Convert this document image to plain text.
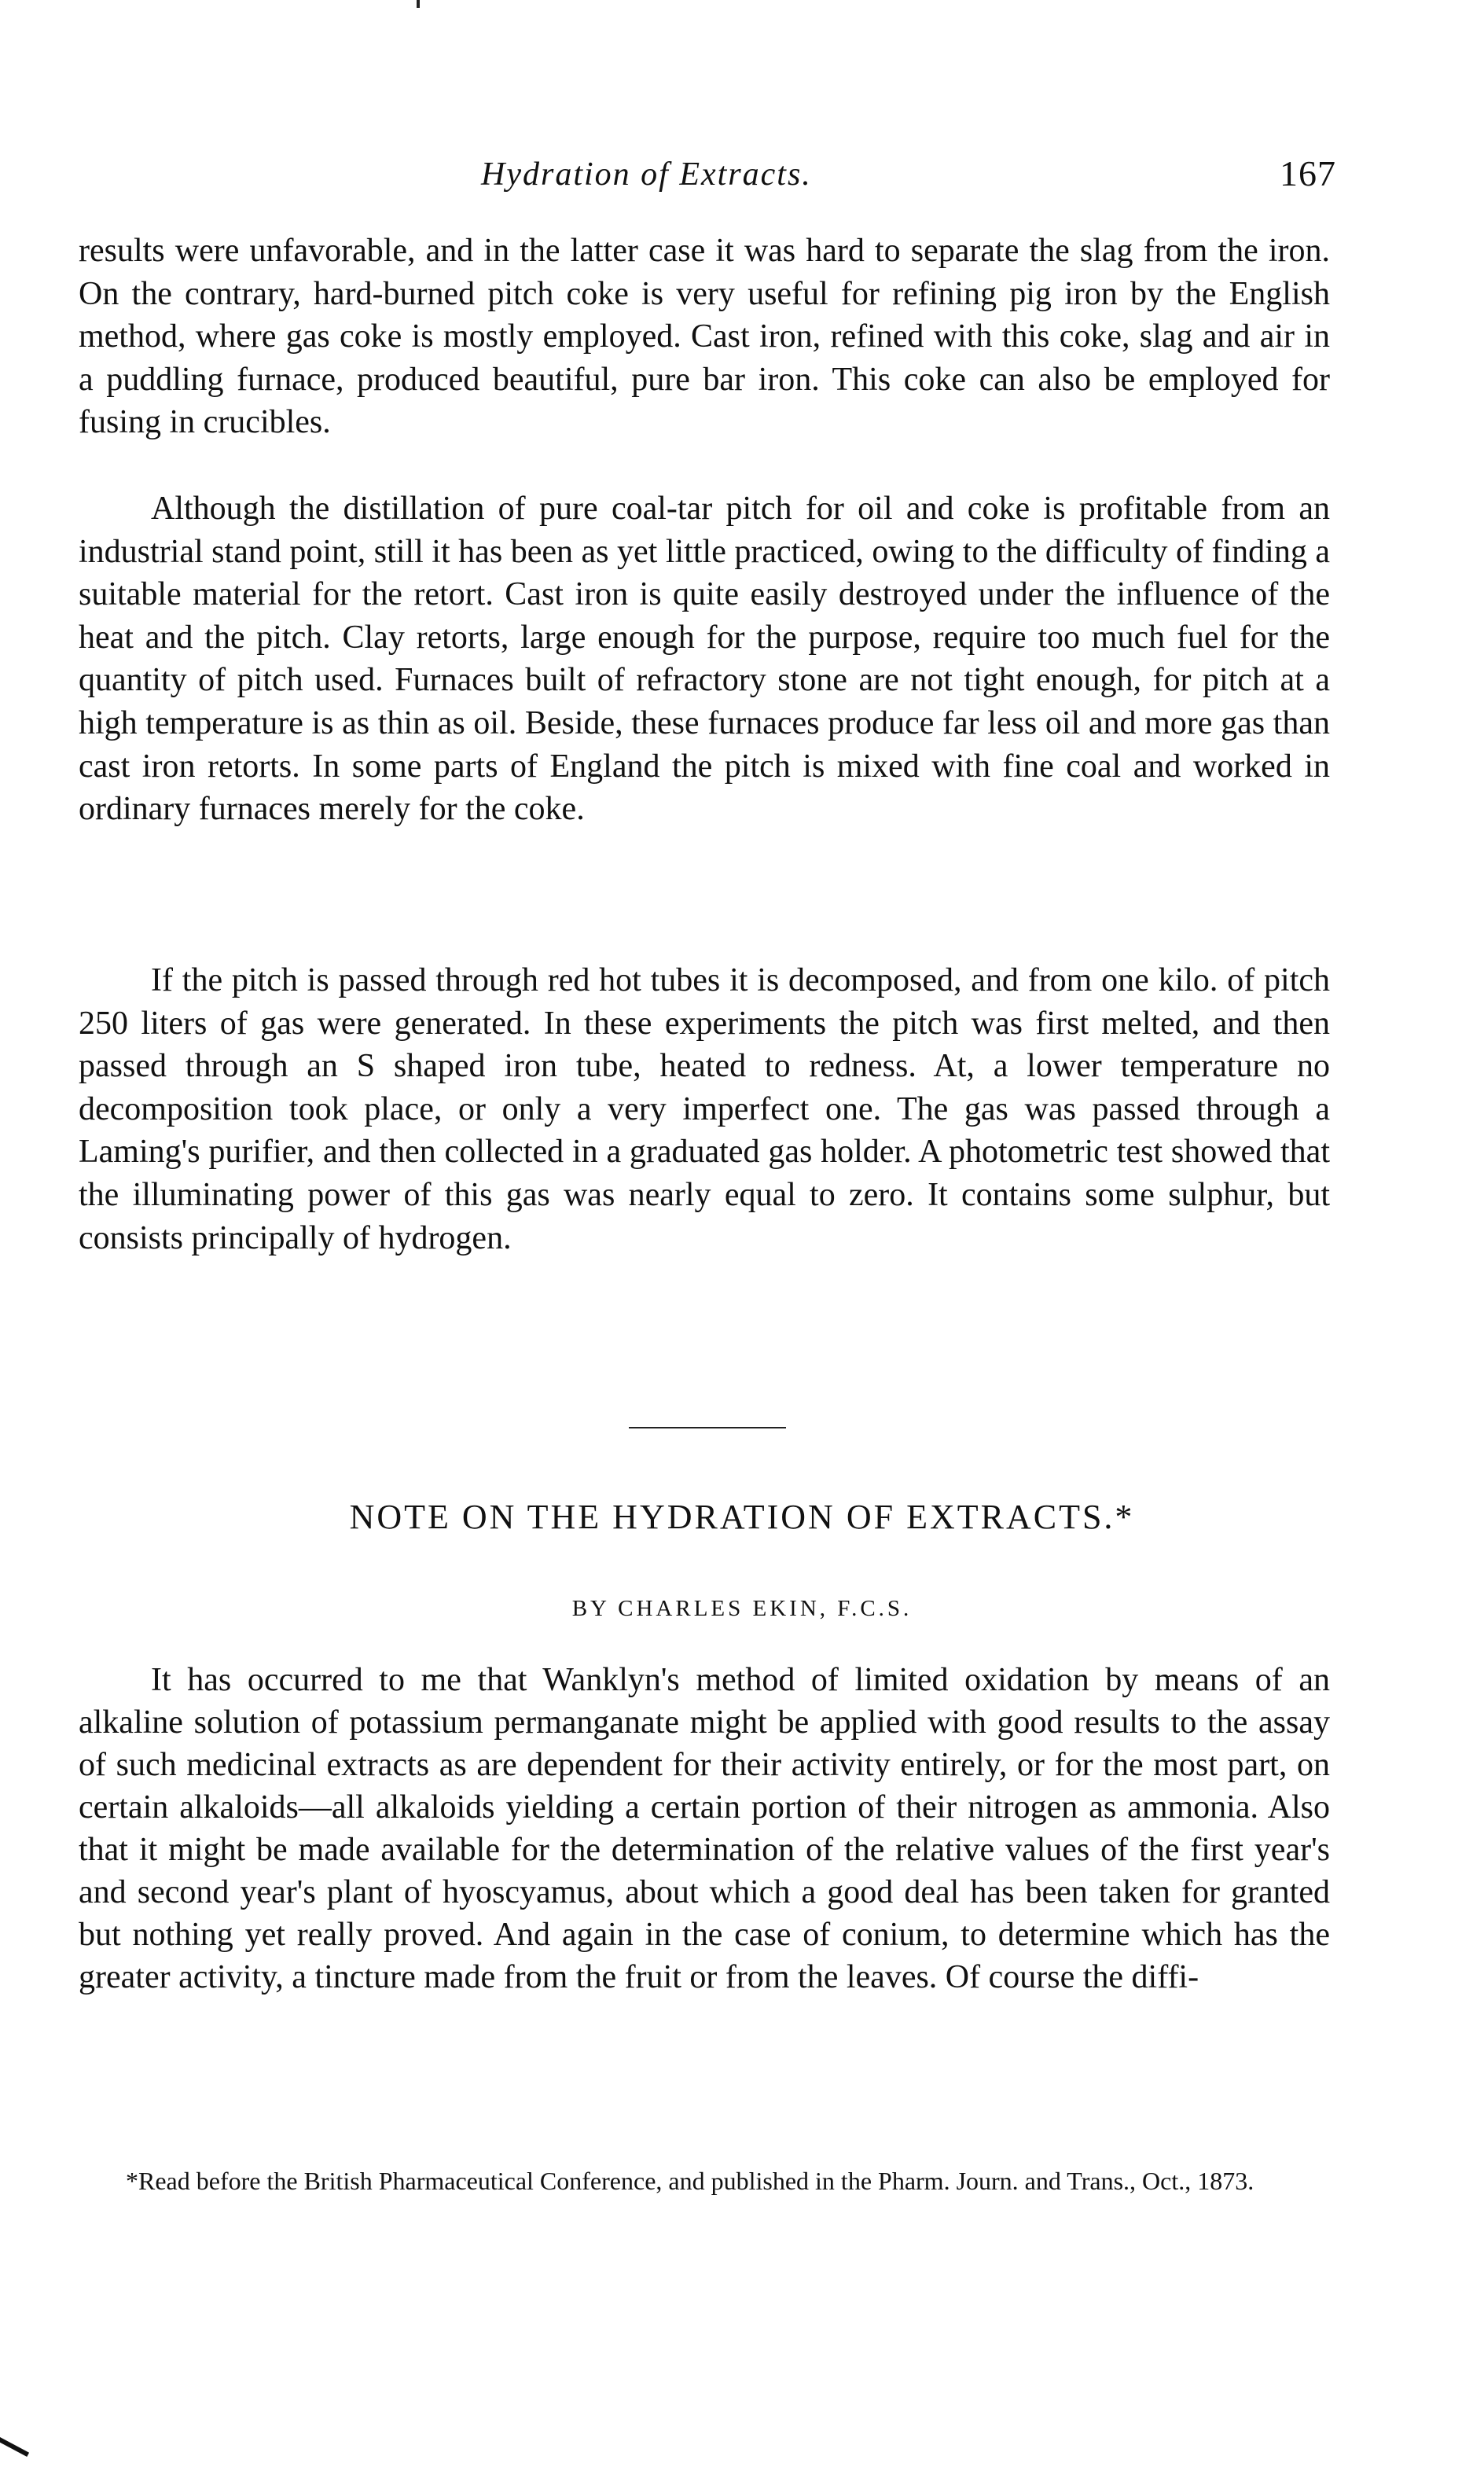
Hydration of Extracts.	167

results were unfavorable, and in the latter case it was hard to separate the slag from the iron. On the contrary, hard-burned pitch coke is very useful for refining pig iron by the English method, where gas coke is mostly employed. Cast iron, refined with this coke, slag and air in a puddling furnace, produced beautiful, pure bar iron. This coke can also be employed for fusing in crucibles.

Although the distillation of pure coal-tar pitch for oil and coke is profitable from an industrial stand point, still it has been as yet little practiced, owing to the difficulty of finding a suitable material for the retort. Cast iron is quite easily destroyed under the influence of the heat and the pitch. Clay retorts, large enough for the purpose, require too much fuel for the quantity of pitch used. Furnaces built of refractory stone are not tight enough, for pitch at a high temperature is as thin as oil. Beside, these furnaces produce far less oil and more gas than cast iron retorts. In some parts of England the pitch is mixed with fine coal and worked in ordinary furnaces merely for the coke.

If the pitch is passed through red hot tubes it is decomposed, and from one kilo. of pitch 250 liters of gas were generated. In these experiments the pitch was first melted, and then passed through an S shaped iron tube, heated to redness. At, a lower temperature no decomposition took place, or only a very imperfect one. The gas was passed through a Laming's purifier, and then collected in a graduated gas holder. A photometric test showed that the illuminating power of this gas was nearly equal to zero. It contains some sulphur, but consists principally of hydrogen.

NOTE ON THE HYDRATION OF EXTRACTS.*
BY CHARLES EKIN, F.C.S.

It has occurred to me that Wanklyn's method of limited oxidation by means of an alkaline solution of potassium permanganate might be applied with good results to the assay of such medicinal extracts as are dependent for their activity entirely, or for the most part, on certain alkaloids—all alkaloids yielding a certain portion of their nitrogen as ammonia. Also that it might be made available for the determination of the relative values of the first year's and second year's plant of hyoscyamus, about which a good deal has been taken for granted but nothing yet really proved. And again in the case of conium, to determine which has the greater activity, a tincture made from the fruit or from the leaves. Of course the diffi-

*Read before the British Pharmaceutical Conference, and published in the Pharm. Journ. and Trans., Oct., 1873.
